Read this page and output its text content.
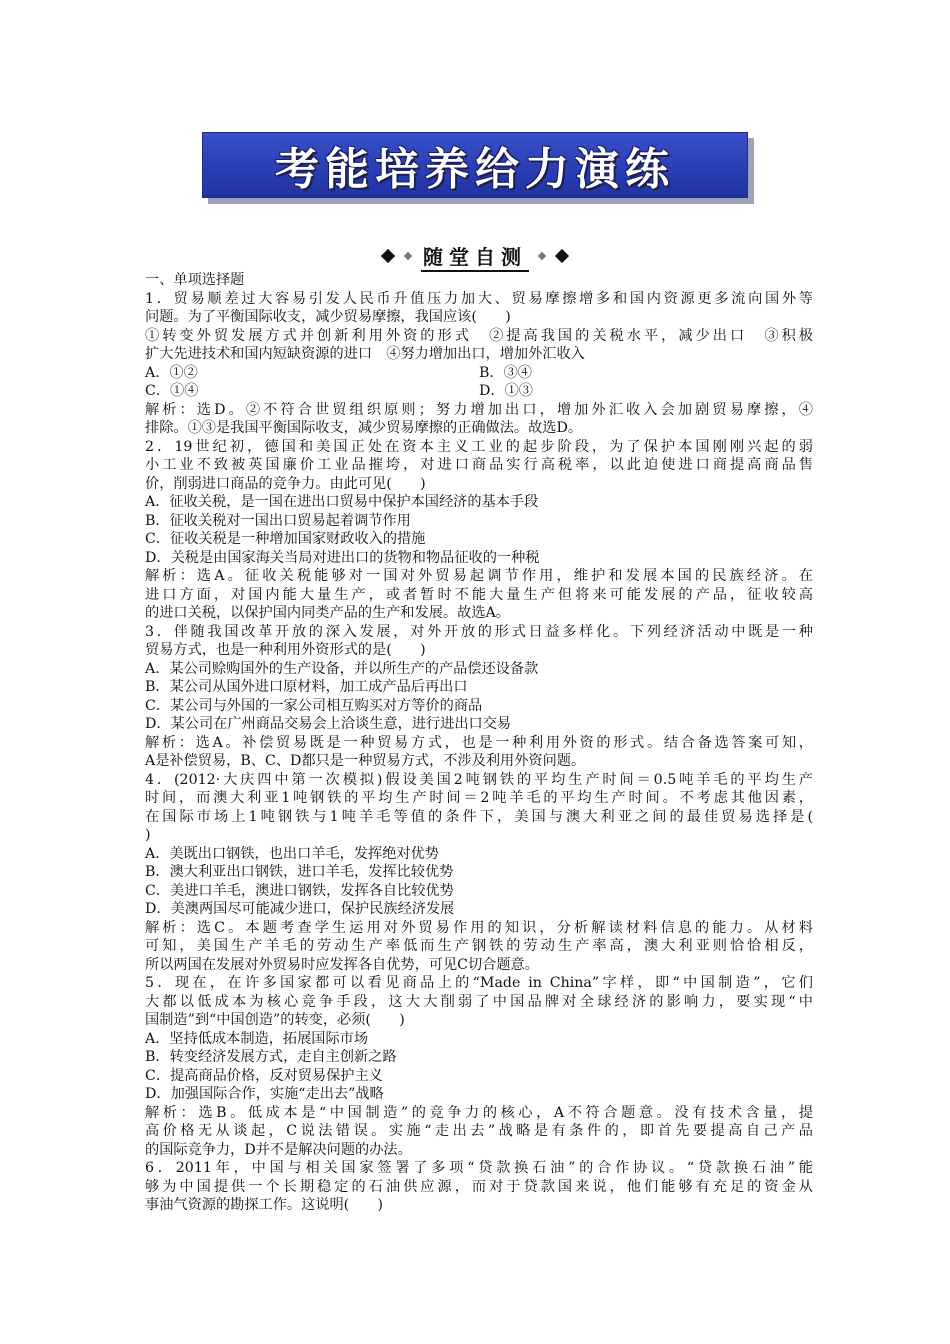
考能培养给力演练
随堂自测
一、单项选择题
1．贸易顺差过大容易引发人民币升值压力加大、贸易摩擦增多和国内资源更多流向国外等
问题。为了平衡国际收支，减少贸易摩擦，我国应该(　　)
①转变外贸发展方式并创新利用外资的形式　②提高我国的关税水平，减少出口　③积极
扩大先进技术和国内短缺资源的进口　④努力增加出口，增加外汇收入
A．①②	B．③④
C．①④	D．①③
解析：选D。②不符合世贸组织原则；努力增加出口，增加外汇收入会加剧贸易摩擦，④
排除。①③是我国平衡国际收支，减少贸易摩擦的正确做法。故选D。
2．19世纪初，德国和美国正处在资本主义工业的起步阶段，为了保护本国刚刚兴起的弱
小工业不致被英国廉价工业品摧垮，对进口商品实行高税率，以此迫使进口商提高商品售
价，削弱进口商品的竞争力。由此可见(　　)
A．征收关税，是一国在进出口贸易中保护本国经济的基本手段
B．征收关税对一国出口贸易起着调节作用
C．征收关税是一种增加国家财政收入的措施
D．关税是由国家海关当局对进出口的货物和物品征收的一种税
解析：选A。征收关税能够对一国对外贸易起调节作用，维护和发展本国的民族经济。在
进口方面，对国内能大量生产，或者暂时不能大量生产但将来可能发展的产品，征收较高
的进口关税，以保护国内同类产品的生产和发展。故选A。
3．伴随我国改革开放的深入发展，对外开放的形式日益多样化。下列经济活动中既是一种
贸易方式，也是一种利用外资形式的是(　　)
A．某公司赊购国外的生产设备，并以所生产的产品偿还设备款
B．某公司从国外进口原材料，加工成产品后再出口
C．某公司与外国的一家公司相互购买对方等价的商品
D．某公司在广州商品交易会上洽谈生意，进行进出口交易
解析：选A。补偿贸易既是一种贸易方式，也是一种利用外资的形式。结合备选答案可知，
A是补偿贸易，B、C、D都只是一种贸易方式，不涉及利用外资问题。
4．(2012·大庆四中第一次模拟)假设美国2吨钢铁的平均生产时间＝0.5吨羊毛的平均生产
时间，而澳大利亚1吨钢铁的平均生产时间＝2吨羊毛的平均生产时间。不考虑其他因素，
在国际市场上1吨钢铁与1吨羊毛等值的条件下，美国与澳大利亚之间的最佳贸易选择是(
)
A．美既出口钢铁，也出口羊毛，发挥绝对优势
B．澳大利亚出口钢铁，进口羊毛，发挥比较优势
C．美进口羊毛，澳进口钢铁，发挥各自比较优势
D．美澳两国尽可能减少进口，保护民族经济发展
解析：选C。本题考查学生运用对外贸易作用的知识，分析解读材料信息的能力。从材料
可知，美国生产羊毛的劳动生产率低而生产钢铁的劳动生产率高，澳大利亚则恰恰相反，
所以两国在发展对外贸易时应发挥各自优势，可见C切合题意。
5．现在，在许多国家都可以看见商品上的“Made in China”字样，即“中国制造”，它们
大都以低成本为核心竞争手段，这大大削弱了中国品牌对全球经济的影响力，要实现“中
国制造”到“中国创造”的转变，必须(　　)
A．坚持低成本制造，拓展国际市场
B．转变经济发展方式，走自主创新之路
C．提高商品价格，反对贸易保护主义
D．加强国际合作，实施“走出去”战略
解析：选B。低成本是“中国制造”的竞争力的核心，A不符合题意。没有技术含量，提
高价格无从谈起，C说法错误。实施“走出去”战略是有条件的，即首先要提高自己产品
的国际竞争力，D并不是解决问题的办法。
6．2011年，中国与相关国家签署了多项“贷款换石油”的合作协议。“贷款换石油”能
够为中国提供一个长期稳定的石油供应源，而对于贷款国来说，他们能够有充足的资金从
事油气资源的勘探工作。这说明(　　)
